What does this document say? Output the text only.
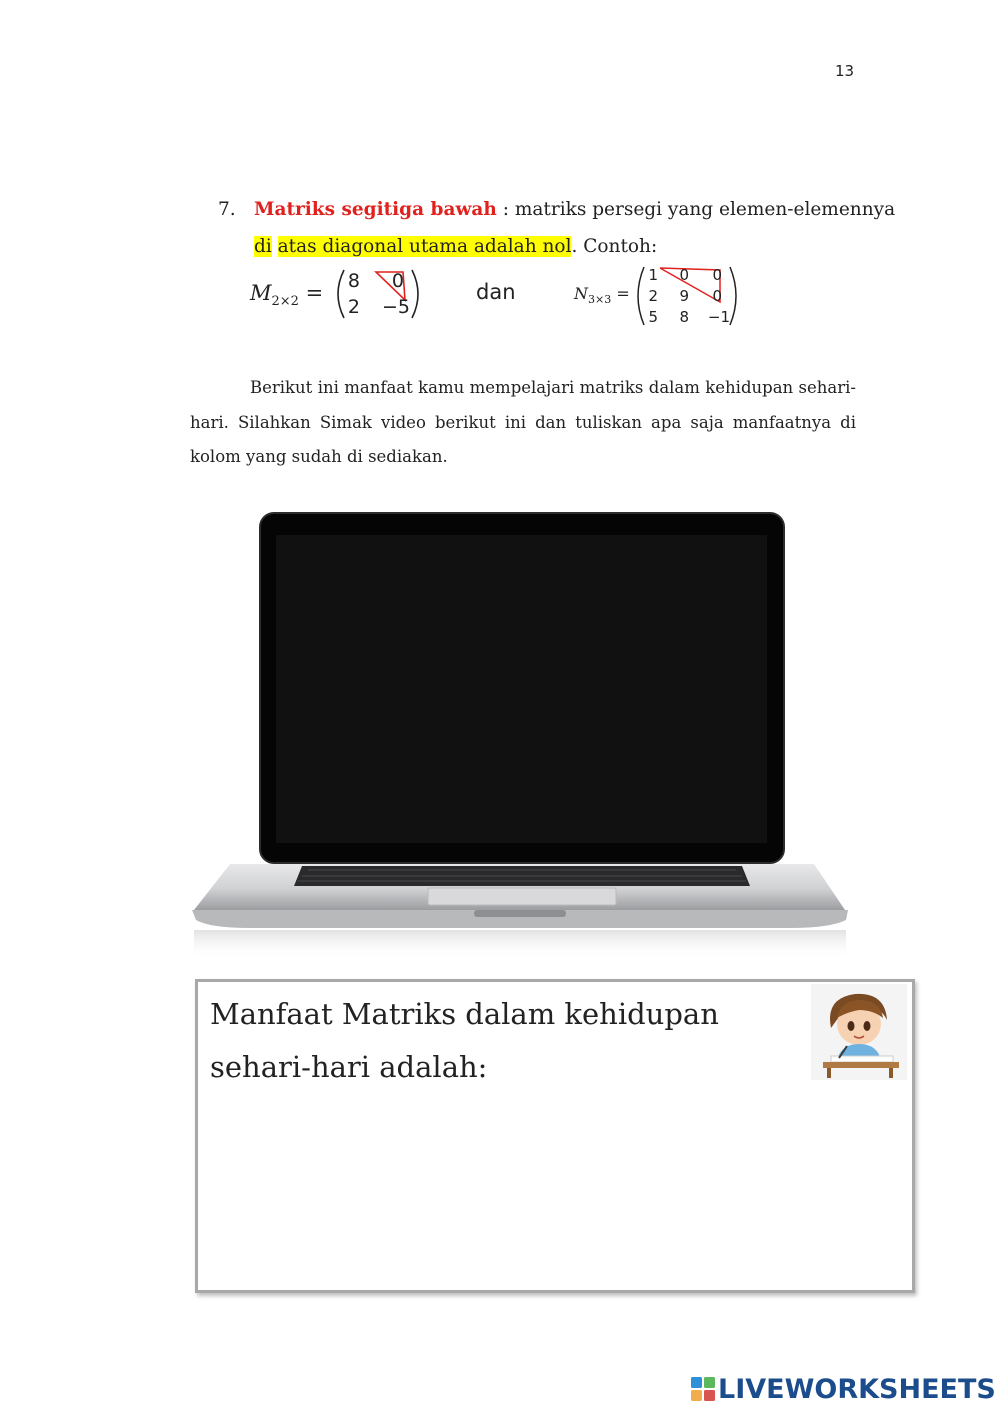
13
7. Matriks segitiga bawah : matriks persegi yang elemen-elemennya
di atas diagonal utama adalah nol. Contoh:
$M_{2\times 2}$ =	8	0
2	−5
dan	$N_{3\times 3}$ =
1	0	0
2	9	0
5	8	−1
Berikut ini manfaat kamu mempelajari matriks dalam kehidupan sehari-hari. Silahkan Simak video berikut ini dan tuliskan apa saja manfaatnya di kolom yang sudah di sediakan.
Manfaat Matriks dalam kehidupan sehari-hari adalah:
LIVEWORKSHEETS
